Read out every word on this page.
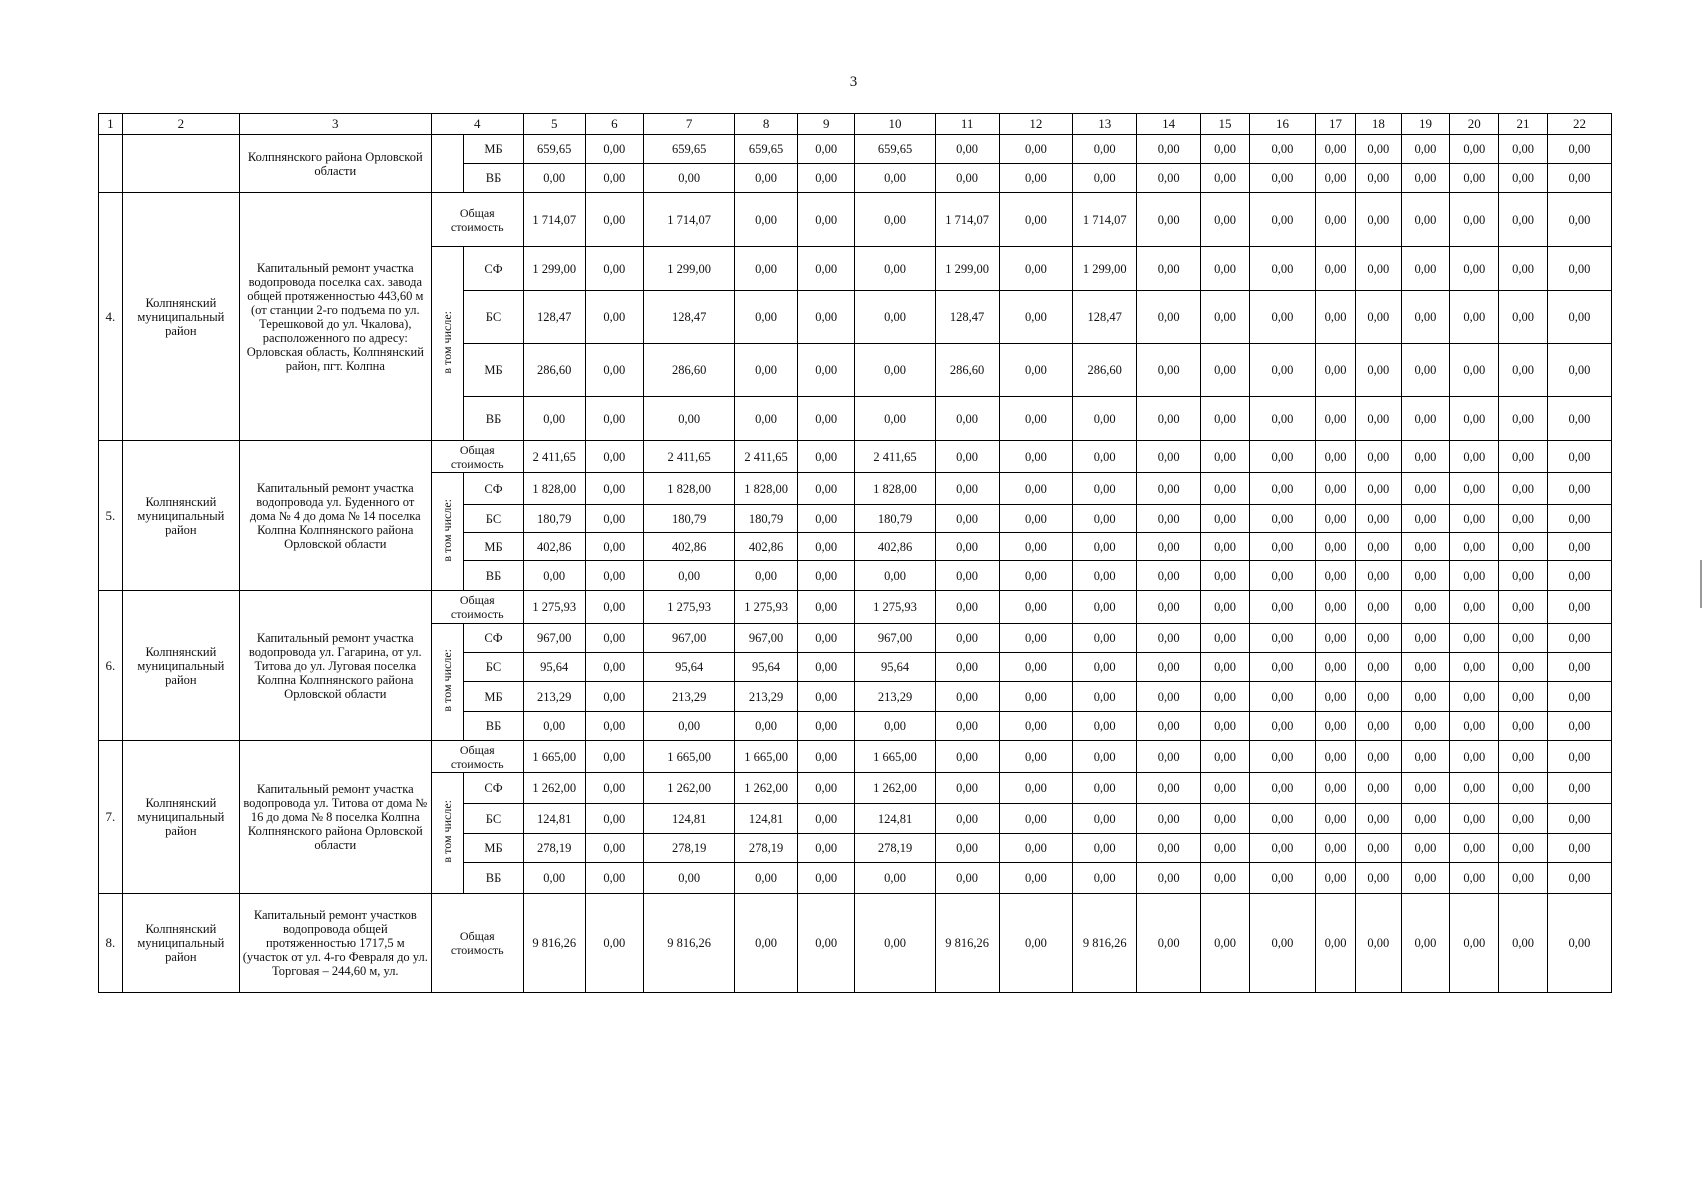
3
1	2	3	4		5	6	7	8	9	10	11	12	13	14	15	16	17	18	19	20	21	22
		Колпнянского района Орловской области		МБ	659,65	0,00	659,65	659,65	0,00	659,65	0,00	0,00	0,00	0,00	0,00	0,00	0,00	0,00	0,00	0,00	0,00	0,00
				ВБ	0,00	0,00	0,00	0,00	0,00	0,00	0,00	0,00	0,00	0,00	0,00	0,00	0,00	0,00	0,00	0,00	0,00	0,00
4.	Колпнянский муниципальный район	Капитальный ремонт участка водопровода поселка сах. завода общей протяженностью 443,60 м (от станции 2-го подъема по ул. Терешковой до ул. Чкалова), расположенного по адресу: Орловская область, Колпнянский район, пгт. Колпна	Общая стоимость		1 714,07	0,00	1 714,07	0,00	0,00	0,00	1 714,07	0,00	1 714,07	0,00	0,00	0,00	0,00	0,00	0,00	0,00	0,00	0,00
			в том числе:	СФ	1 299,00	0,00	1 299,00	0,00	0,00	0,00	1 299,00	0,00	1 299,00	0,00	0,00	0,00	0,00	0,00	0,00	0,00	0,00	0,00
				БС	128,47	0,00	128,47	0,00	0,00	0,00	128,47	0,00	128,47	0,00	0,00	0,00	0,00	0,00	0,00	0,00	0,00	0,00
				МБ	286,60	0,00	286,60	0,00	0,00	0,00	286,60	0,00	286,60	0,00	0,00	0,00	0,00	0,00	0,00	0,00	0,00	0,00
				ВБ	0,00	0,00	0,00	0,00	0,00	0,00	0,00	0,00	0,00	0,00	0,00	0,00	0,00	0,00	0,00	0,00	0,00	0,00
5.	Колпнянский муниципальный район	Капитальный ремонт участка водопровода ул. Буденного от дома № 4 до дома № 14 поселка Колпна Колпнянского района Орловской области	Общая стоимость		2 411,65	0,00	2 411,65	2 411,65	0,00	2 411,65	0,00	0,00	0,00	0,00	0,00	0,00	0,00	0,00	0,00	0,00	0,00	0,00
			в том числе:	СФ	1 828,00	0,00	1 828,00	1 828,00	0,00	1 828,00	0,00	0,00	0,00	0,00	0,00	0,00	0,00	0,00	0,00	0,00	0,00	0,00
				БС	180,79	0,00	180,79	180,79	0,00	180,79	0,00	0,00	0,00	0,00	0,00	0,00	0,00	0,00	0,00	0,00	0,00	0,00
				МБ	402,86	0,00	402,86	402,86	0,00	402,86	0,00	0,00	0,00	0,00	0,00	0,00	0,00	0,00	0,00	0,00	0,00	0,00
				ВБ	0,00	0,00	0,00	0,00	0,00	0,00	0,00	0,00	0,00	0,00	0,00	0,00	0,00	0,00	0,00	0,00	0,00	0,00
6.	Колпнянский муниципальный район	Капитальный ремонт участка водопровода ул. Гагарина, от ул. Титова до ул. Луговая поселка Колпна Колпнянского района Орловской области	Общая стоимость		1 275,93	0,00	1 275,93	1 275,93	0,00	1 275,93	0,00	0,00	0,00	0,00	0,00	0,00	0,00	0,00	0,00	0,00	0,00	0,00
			в том числе:	СФ	967,00	0,00	967,00	967,00	0,00	967,00	0,00	0,00	0,00	0,00	0,00	0,00	0,00	0,00	0,00	0,00	0,00	0,00
				БС	95,64	0,00	95,64	95,64	0,00	95,64	0,00	0,00	0,00	0,00	0,00	0,00	0,00	0,00	0,00	0,00	0,00	0,00
				МБ	213,29	0,00	213,29	213,29	0,00	213,29	0,00	0,00	0,00	0,00	0,00	0,00	0,00	0,00	0,00	0,00	0,00	0,00
				ВБ	0,00	0,00	0,00	0,00	0,00	0,00	0,00	0,00	0,00	0,00	0,00	0,00	0,00	0,00	0,00	0,00	0,00	0,00
7.	Колпнянский муниципальный район	Капитальный ремонт участка водопровода ул. Титова от дома № 16 до дома № 8 поселка Колпна Колпнянского района Орловской области	Общая стоимость		1 665,00	0,00	1 665,00	1 665,00	0,00	1 665,00	0,00	0,00	0,00	0,00	0,00	0,00	0,00	0,00	0,00	0,00	0,00	0,00
			в том числе:	СФ	1 262,00	0,00	1 262,00	1 262,00	0,00	1 262,00	0,00	0,00	0,00	0,00	0,00	0,00	0,00	0,00	0,00	0,00	0,00	0,00
				БС	124,81	0,00	124,81	124,81	0,00	124,81	0,00	0,00	0,00	0,00	0,00	0,00	0,00	0,00	0,00	0,00	0,00	0,00
				МБ	278,19	0,00	278,19	278,19	0,00	278,19	0,00	0,00	0,00	0,00	0,00	0,00	0,00	0,00	0,00	0,00	0,00	0,00
				ВБ	0,00	0,00	0,00	0,00	0,00	0,00	0,00	0,00	0,00	0,00	0,00	0,00	0,00	0,00	0,00	0,00	0,00	0,00
8.	Колпнянский муниципальный район	Капитальный ремонт участков водопровода общей протяженностью 1717,5 м (участок от ул. 4-го Февраля до ул. Торговая – 244,60 м, ул.	Общая стоимость		9 816,26	0,00	9 816,26	0,00	0,00	0,00	9 816,26	0,00	9 816,26	0,00	0,00	0,00	0,00	0,00	0,00	0,00	0,00	0,00
